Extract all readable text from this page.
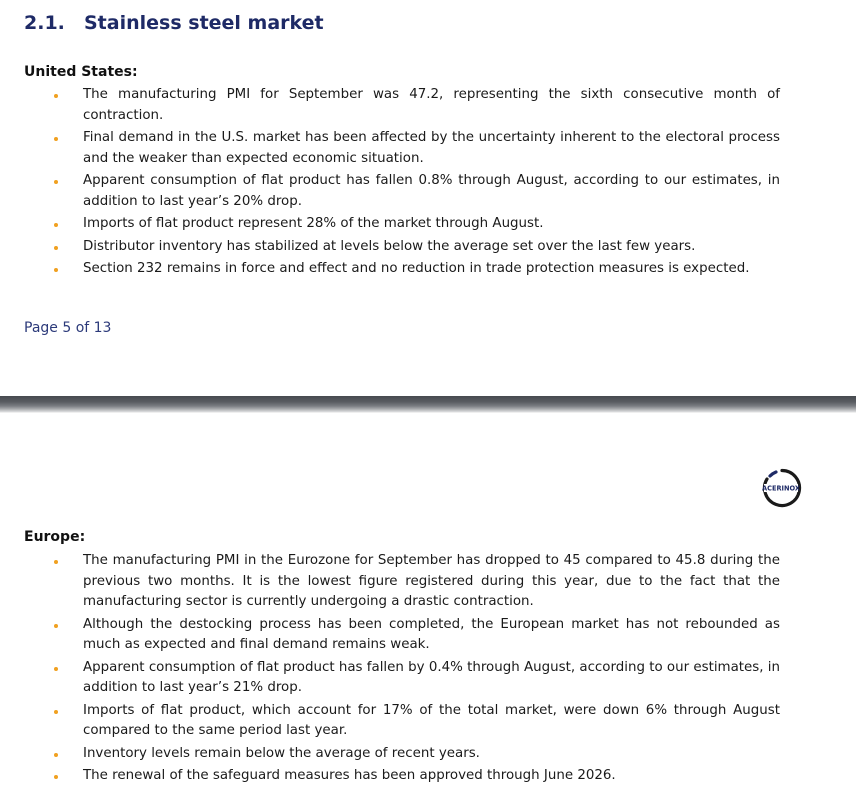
2.1.	Stainless steel market

United States:

The manufacturing PMI for September was 47.2, representing the sixth consecutive month of contraction.
Final demand in the U.S. market has been affected by the uncertainty inherent to the electoral process and the weaker than expected economic situation.
Apparent consumption of flat product has fallen 0.8% through August, according to our estimates, in addition to last year’s 20% drop.
Imports of flat product represent 28% of the market through August.
Distributor inventory has stabilized at levels below the average set over the last few years.
Section 232 remains in force and effect and no reduction in trade protection measures is expected.
Page 5 of 13
ACERINOX

Europe:

The manufacturing PMI in the Eurozone for September has dropped to 45 compared to 45.8 during the previous two months. It is the lowest figure registered during this year, due to the fact that the manufacturing sector is currently undergoing a drastic contraction.
Although the destocking process has been completed, the European market has not rebounded as much as expected and final demand remains weak.
Apparent consumption of flat product has fallen by 0.4% through August, according to our estimates, in addition to last year’s 21% drop.
Imports of flat product, which account for 17% of the total market, were down 6% through August compared to the same period last year.
Inventory levels remain below the average of recent years.
The renewal of the safeguard measures has been approved through June 2026.
